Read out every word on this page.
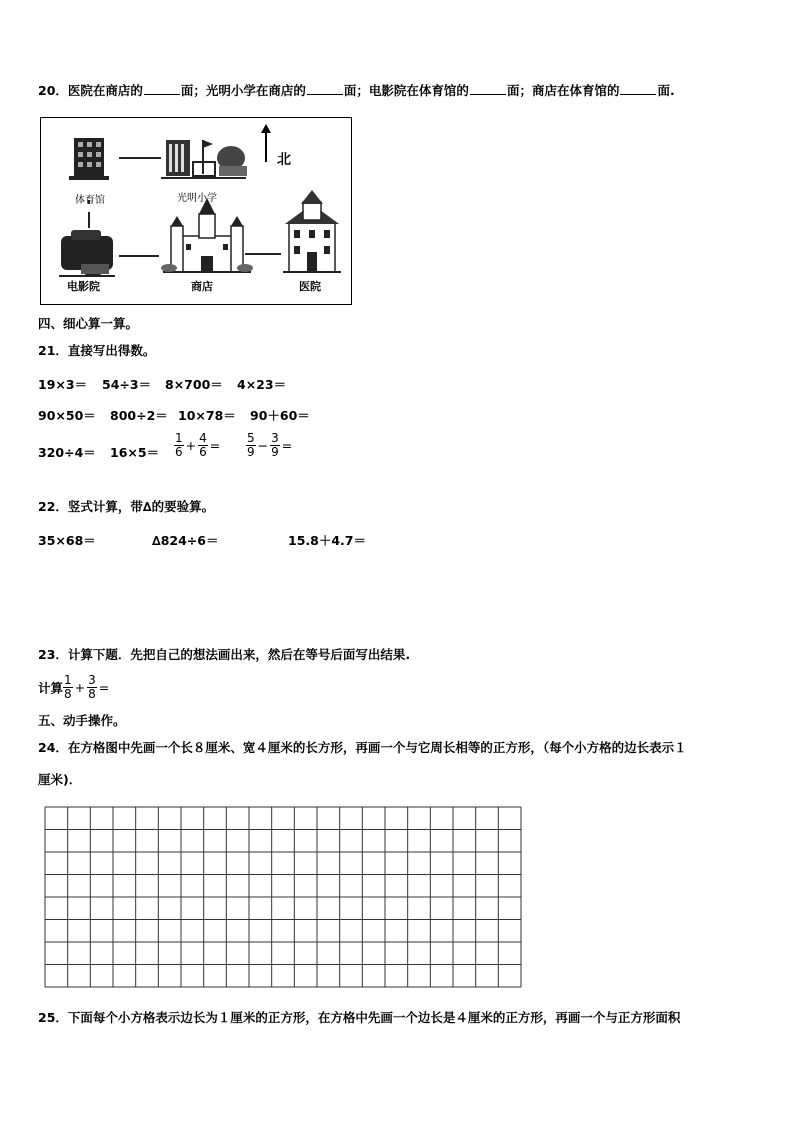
20．医院在商店的	面；光明小学在商店的	面；电影院在体育馆的	面；商店在体育馆的	面.
北
体育馆	光明小学
电影院	商店	医院
四、细心算一算。
21．直接写出得数。
19×3＝ 54÷3＝ 8×700＝ 4×23＝
90×50＝ 800÷2＝ 10×78＝ 90＋60＝
$320\div 4= 16\times 5= \frac{1}{6} + \frac{4}{6} = \frac{5}{9} - \frac{3}{9}$ =
22．竖式计算，带∆的要验算。
35×68＝	∆824÷6＝	15.8＋4.7＝
23．计算下题．先把自己的想法画出来，然后在等号后面写出结果.
计算 $\frac{1}{8} + \frac{3}{8}$ =
五、动手操作。
24．在方格图中先画一个长８厘米、宽４厘米的长方形，再画一个与它周长相等的正方形，（每个小方格的边长表示１
厘米)．
25．下面每个小方格表示边长为１厘米的正方形，在方格中先画一个边长是４厘米的正方形，再画一个与正方形面积
